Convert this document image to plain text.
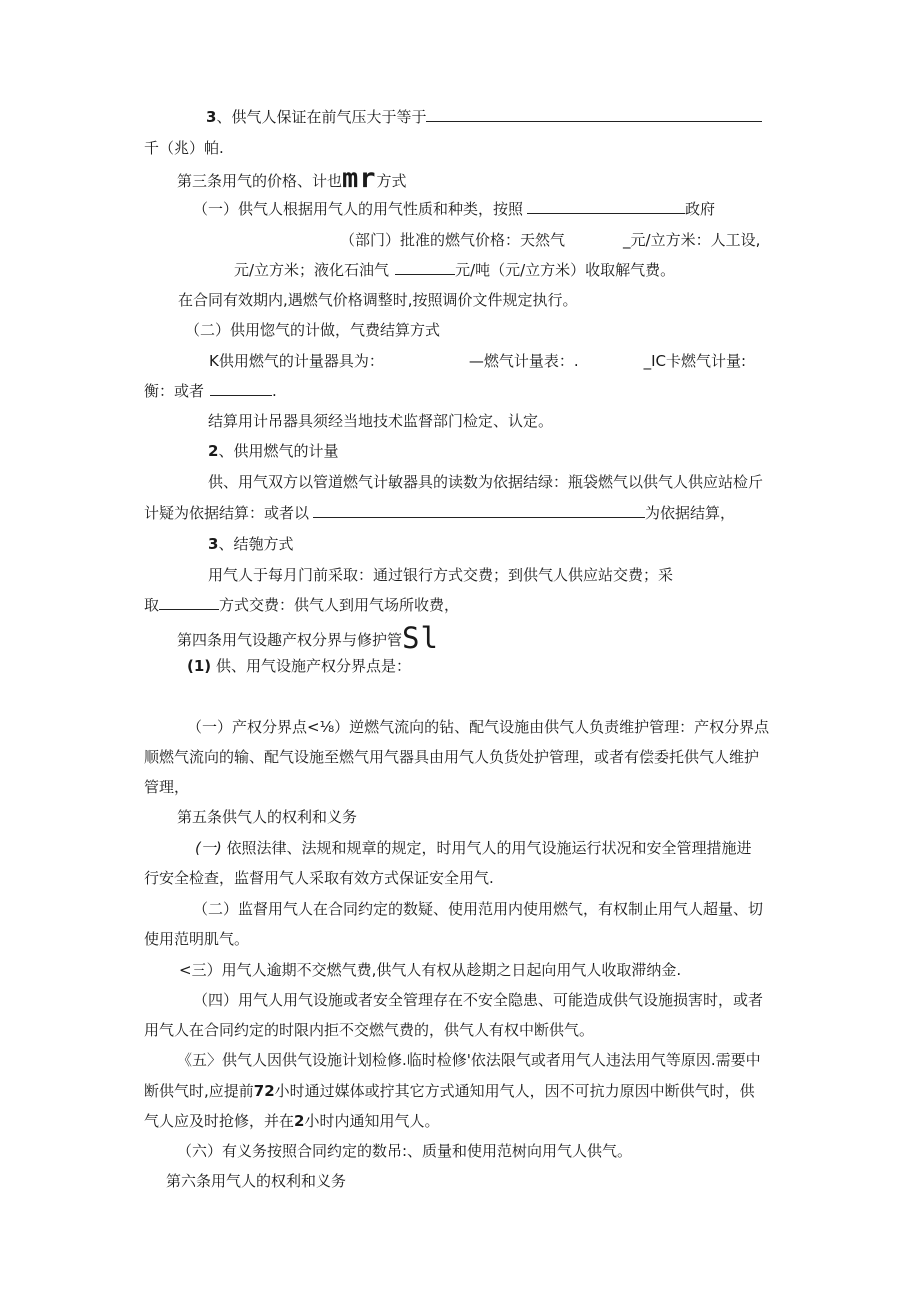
3、供气人保证在前气压大于等于
千（兆）帕.
第三条用气的价格、计也mr方式
（一）供气人根据用气人的用气性质和种类，按照	政府
（部门）批准的燃气价格：天然气	_元/立方米：人工设,
元/立方米；液化石油气	元/吨（元/立方米）收取解气费。
在合同有效期内,遇燃气价格调整时,按照调价文件规定执行。
（二）供用惚气的计做，气费结算方式
K供用燃气的计量器具为：	—燃气计量表：.	_IC卡燃气计量:
衡：或者	.
结算用计吊器具须经当地技术监督部门检定、认定。
2、供用燃气的计量
供、用气双方以管道燃气计敏器具的读数为依据结绿：瓶袋燃气以供气人供应站检斤
计疑为依据结算：或者以	为依据结算，
3、结匏方式
用气人于每月门前采取：通过银行方式交费；到供气人供应站交费；采
取	方式交费：供气人到用气场所收费，
第四条用气设趣产权分界与修护管Sl
(1) 供、用气设施产权分界点是：
（一）产权分界点<⅛）逆燃气流向的钻、配气设施由供气人负责维护管理：产权分界点
顺燃气流向的输、配气设施至燃气用气器具由用气人负货处护管理，或者有偿委托供气人维护
管理，
第五条供气人的权利和义务
(一) 依照法律、法规和规章的规定，时用气人的用气设施运行状况和安全管理措施进
行安全检查，监督用气人采取有效方式保证安全用气.
（二）监督用气人在合同约定的数疑、使用范用内使用燃气，有权制止用气人超量、切
使用范明肌气。
<三）用气人逾期不交燃气费,供气人有权从趁期之日起向用气人收取滞纳金.
（四）用气人用气设施或者安全管理存在不安全隐患、可能造成供气设施损害时，或者
用气人在合同约定的时限内拒不交燃气费的，供气人有权中断供气。
《五〉供气人因供气设施计划检修.临时检修'依法限气或者用气人违法用气等原因.需要中
断供气时,应提前72小时通过媒体或拧其它方式通知用气人，因不可抗力原因中断供气时，供
气人应及时抢修，并在2小时内通知用气人。
（六）有义务按照合同约定的数吊:、质量和使用范树向用气人供气。
第六条用气人的权利和义务
